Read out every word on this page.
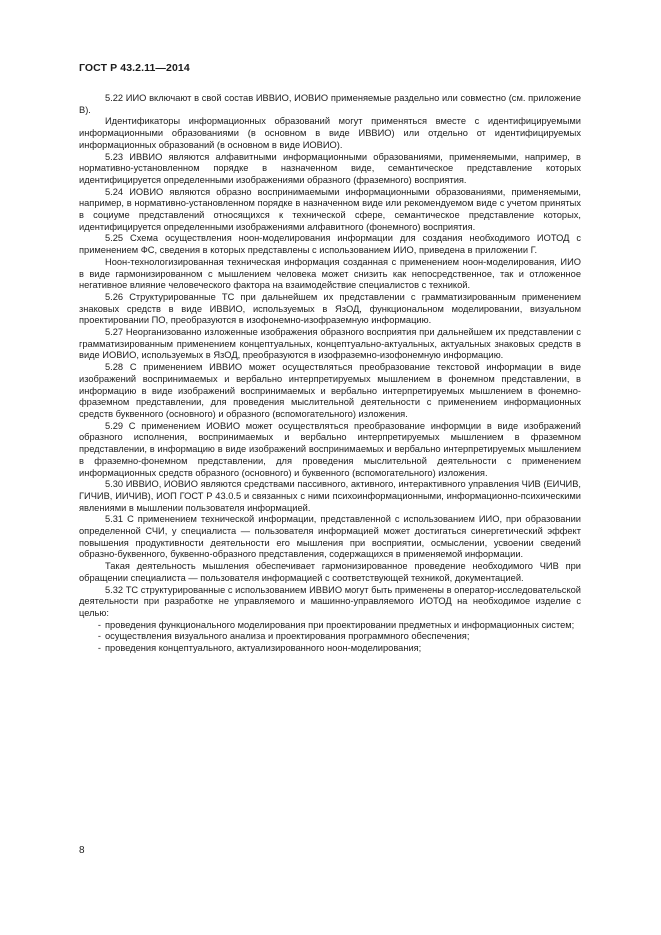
ГОСТ Р 43.2.11—2014

5.22 ИИО включают в свой состав ИВВИО, ИОВИО применяемые раздельно или совместно (см. приложение В).

Идентификаторы информационных образований могут применяться вместе с идентифицируемыми информационными образованиями (в основном в виде ИВВИО) или отдельно от идентифицируемых информационных образований (в основном в виде ИОВИО).

5.23 ИВВИО являются алфавитными информационными образованиями, применяемыми, например, в нормативно-установленном порядке в назначенном виде, семантическое представление которых идентифицируется определенными изображениями образного (фраземного) восприятия.

5.24 ИОВИО являются образно воспринимаемыми информационными образованиями, применяемыми, например, в нормативно-установленном порядке в назначенном виде или рекомендуемом виде с учетом принятых в социуме представлений относящихся к технической сфере, семантическое представление которых, идентифицируется определенными изображениями алфавитного (фонемного) восприятия.

5.25 Схема осуществления ноон-моделирования информации для создания необходимого ИОТОД с применением ФС, сведения в которых представлены с использованием ИИО, приведена в приложении Г.

Ноон-технологизированная техническая информация созданная с применением ноон-моделирования, ИИО в виде гармонизированном с мышлением человека может снизить как непосредственное, так и отложенное негативное влияние человеческого фактора на взаимодействие специалистов с техникой.

5.26 Структурированные ТС при дальнейшем их представлении с грамматизированным применением знаковых средств в виде ИВВИО, используемых в ЯзОД, функциональном моделировании, визуальном проектировании ПО, преобразуются в изофонемно-изофраземную информацию.

5.27 Неорганизованно изложенные изображения образного восприятия при дальнейшем их представлении с грамматизированным применением концептуальных, концептуально-актуальных, актуальных знаковых средств в виде ИОВИО, используемых в ЯзОД, преобразуются в изофраземно-изофонемную информацию.

5.28 С применением ИВВИО может осуществляться преобразование текстовой информации в виде изображений воспринимаемых и вербально интерпретируемых мышлением в фонемном представлении, в информацию в виде изображений воспринимаемых и вербально интерпретируемых мышлением в фонемно-фраземном представлении, для проведения мыслительной деятельности с применением информационных средств буквенного (основного) и образного (вспомогательного) изложения.

5.29 С применением ИОВИО может осуществляться преобразование информции в виде изображений образного исполнения, воспринимаемых и вербально интерпретируемых мышлением в фраземном представлении, в информацию в виде изображений воспринимаемых и вербально интерпретируемых мышлением в фраземно-фонемном представлении, для проведения мыслительной деятельности с применением информационных средств образного (основного) и буквенного (вспомогательного) изложения.

5.30 ИВВИО, ИОВИО являются средствами пассивного, активного, интерактивного управления ЧИВ (ЕИЧИВ, ГИЧИВ, ИИЧИВ), ИОП ГОСТ Р 43.0.5 и связанных с ними психоинформационными, информационно-психическими явлениями в мышлении пользователя информацией.

5.31 С применением технической информации, представленной с использованием ИИО, при образовании определенной СЧИ, у специалиста — пользователя информацией может достигаться синергетический эффект повышения продуктивности деятельности его мышления при восприятии, осмыслении, усвоении сведений образно-буквенного, буквенно-образного представления, содержащихся в применяемой информации.

Такая деятельность мышления обеспечивает гармонизированное проведение необходимого ЧИВ при обращении специалиста — пользователя информацией с соответствующей техникой, документацией.

5.32 ТС структурированные с использованием ИВВИО могут быть применены в оператор-исследовательской деятельности при разработке не управляемого и машинно-управляемого ИОТОД на необходимое изделие с целью:

- проведения функционального моделирования при проектировании предметных и информационных систем;

- осуществления визуального анализа и проектирования программного обеспечения;

- проведения концептуального, актуализированного ноон-моделирования;

8
